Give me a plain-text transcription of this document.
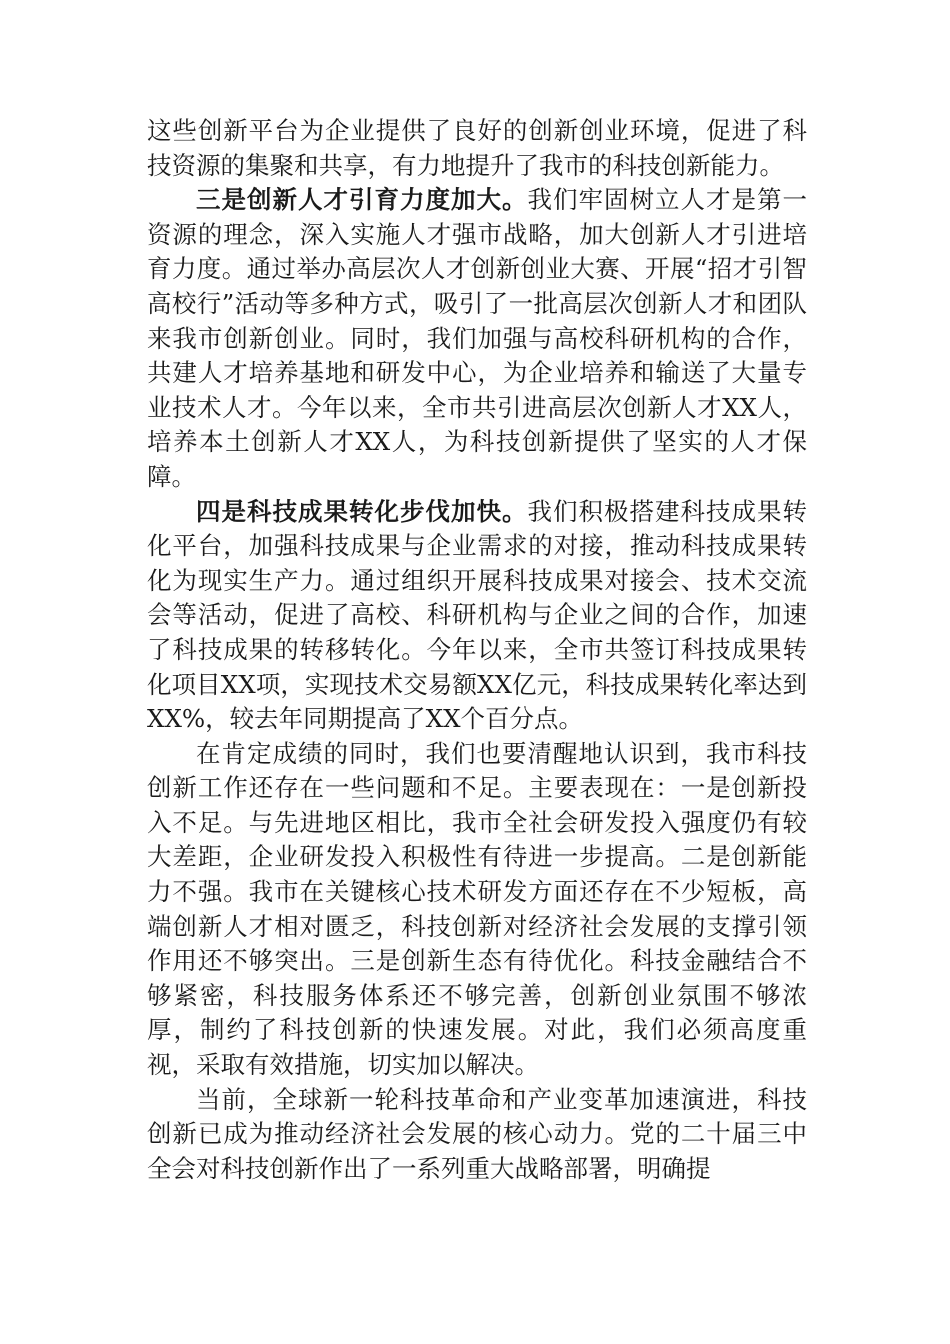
这些创新平台为企业提供了良好的创新创业环境，促进了科技资源的集聚和共享，有力地提升了我市的科技创新能力。

三是创新人才引育力度加大。我们牢固树立人才是第一资源的理念，深入实施人才强市战略，加大创新人才引进培育力度。通过举办高层次人才创新创业大赛、开展“招才引智高校行”活动等多种方式，吸引了一批高层次创新人才和团队来我市创新创业。同时，我们加强与高校科研机构的合作，共建人才培养基地和研发中心，为企业培养和输送了大量专业技术人才。今年以来，全市共引进高层次创新人才XX人，培养本土创新人才XX人，为科技创新提供了坚实的人才保障。

四是科技成果转化步伐加快。我们积极搭建科技成果转化平台，加强科技成果与企业需求的对接，推动科技成果转化为现实生产力。通过组织开展科技成果对接会、技术交流会等活动，促进了高校、科研机构与企业之间的合作，加速了科技成果的转移转化。今年以来，全市共签订科技成果转化项目XX项，实现技术交易额XX亿元，科技成果转化率达到XX%，较去年同期提高了XX个百分点。

在肯定成绩的同时，我们也要清醒地认识到，我市科技创新工作还存在一些问题和不足。主要表现在：一是创新投入不足。与先进地区相比，我市全社会研发投入强度仍有较大差距，企业研发投入积极性有待进一步提高。二是创新能力不强。我市在关键核心技术研发方面还存在不少短板，高端创新人才相对匮乏，科技创新对经济社会发展的支撑引领作用还不够突出。三是创新生态有待优化。科技金融结合不够紧密，科技服务体系还不够完善，创新创业氛围不够浓厚，制约了科技创新的快速发展。对此，我们必须高度重视，采取有效措施，切实加以解决。

当前，全球新一轮科技革命和产业变革加速演进，科技创新已成为推动经济社会发展的核心动力。党的二十届三中全会对科技创新作出了一系列重大战略部署，明确提
